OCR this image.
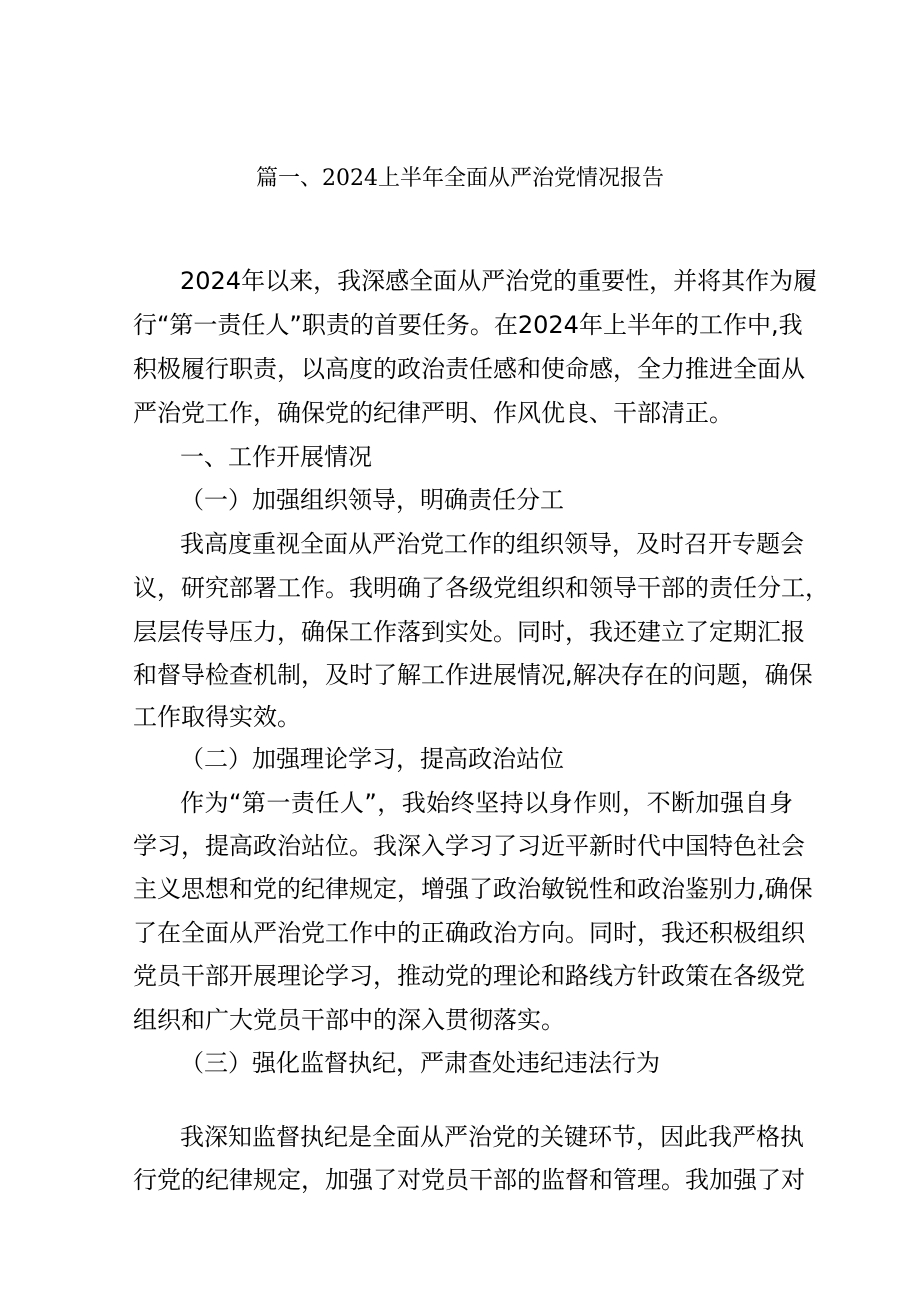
篇一、2024上半年全面从严治党情况报告
2024年以来，我深感全面从严治党的重要性，并将其作为履
行“第一责任人”职责的首要任务。在2024年上半年的工作中,我
积极履行职责，以高度的政治责任感和使命感，全力推进全面从
严治党工作，确保党的纪律严明、作风优良、干部清正。
一、工作开展情况
（一）加强组织领导，明确责任分工
我高度重视全面从严治党工作的组织领导，及时召开专题会
议，研究部署工作。我明确了各级党组织和领导干部的责任分工，
层层传导压力，确保工作落到实处。同时，我还建立了定期汇报
和督导检查机制，及时了解工作进展情况,解决存在的问题，确保
工作取得实效。
（二）加强理论学习，提高政治站位
作为“第一责任人”，我始终坚持以身作则，不断加强自身
学习，提高政治站位。我深入学习了习近平新时代中国特色社会
主义思想和党的纪律规定，增强了政治敏锐性和政治鉴别力,确保
了在全面从严治党工作中的正确政治方向。同时，我还积极组织
党员干部开展理论学习，推动党的理论和路线方针政策在各级党
组织和广大党员干部中的深入贯彻落实。
（三）强化监督执纪，严肃查处违纪违法行为
我深知监督执纪是全面从严治党的关键环节，因此我严格执
行党的纪律规定，加强了对党员干部的监督和管理。我加强了对
